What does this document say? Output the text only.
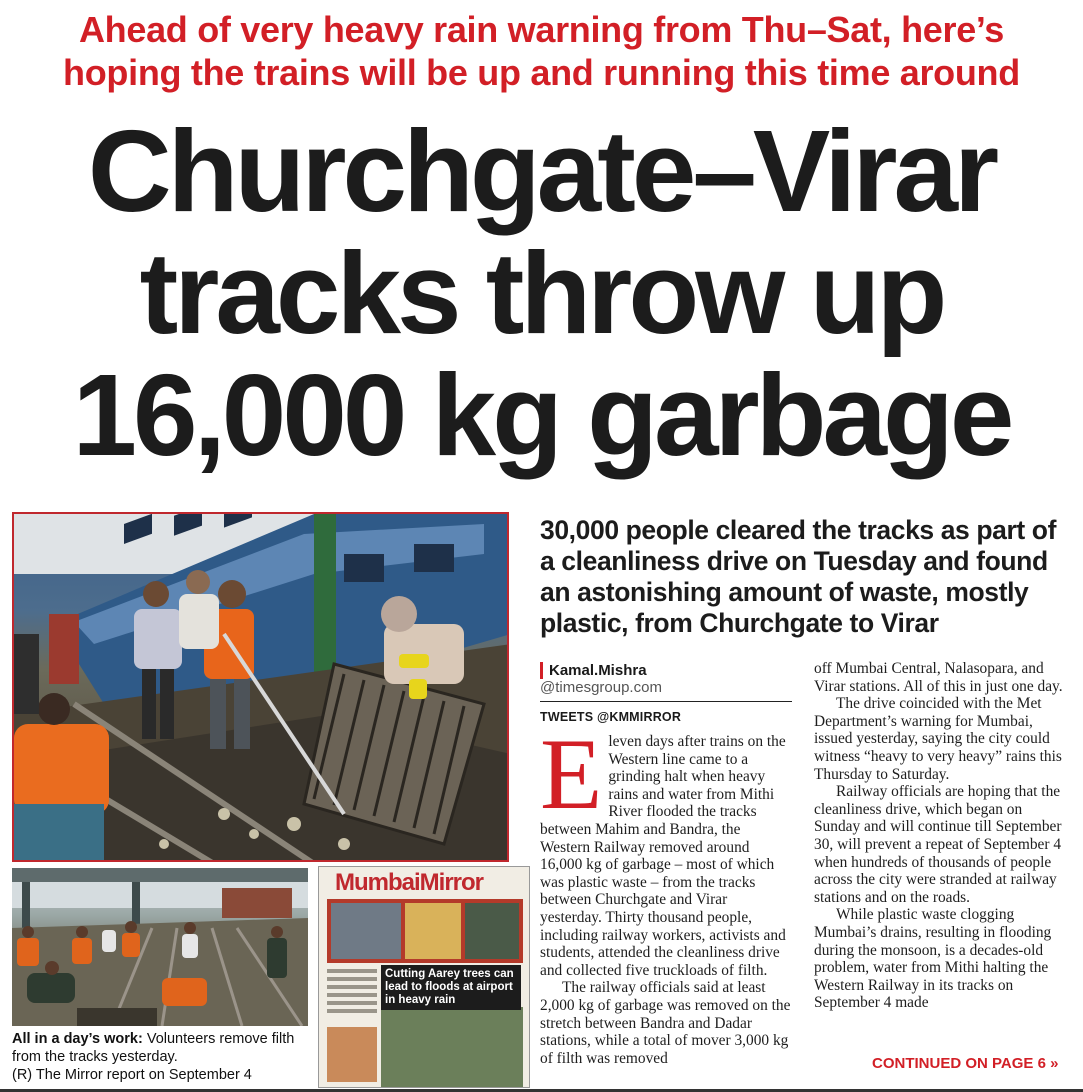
Ahead of very heavy rain warning from Thu–Sat, here’s
hoping the trains will be up and running this time around
Churchgate–Virar
tracks throw up
16,000 kg garbage
MumbaiMirror
Cutting Aarey trees can lead to floods at airport in heavy rain
All in a day’s work: Volunteers remove filth from the tracks yesterday.
(R) The Mirror report on September 4
30,000 people cleared the tracks as part of a cleanliness drive on Tuesday and found an astonishing amount of waste, mostly plastic, from Churchgate to Virar
Kamal.Mishra
@timesgroup.com
TWEETS @KMMIRROR

Eleven days after trains on the Western line came to a grinding halt when heavy rains and water from Mithi River flooded the tracks between Mahim and Bandra, the Western Railway removed around 16,000 kg of garbage – most of which was plastic waste – from the tracks between Churchgate and Virar yesterday. Thirty thousand people, including railway workers, activists and students, attended the cleanliness drive and collected five truckloads of filth.

The railway officials said at least 2,000 kg of garbage was removed on the stretch between Bandra and Dadar stations, while a total of mover 3,000 kg of filth was removed

off Mumbai Central, Nalasopara, and Virar stations. All of this in just one day.

The drive coincided with the Met Department’s warning for Mumbai, issued yesterday, saying the city could witness “heavy to very heavy” rains this Thursday to Saturday.

Railway officials are hoping that the cleanliness drive, which began on Sunday and will continue till September 30, will prevent a repeat of September 4 when hundreds of thousands of people across the city were stranded at railway stations and on the roads.

While plastic waste clogging Mumbai’s drains, resulting in flooding during the monsoon, is a decades-old problem, water from Mithi halting the Western Railway in its tracks on September 4 made

CONTINUED ON PAGE 6 »
